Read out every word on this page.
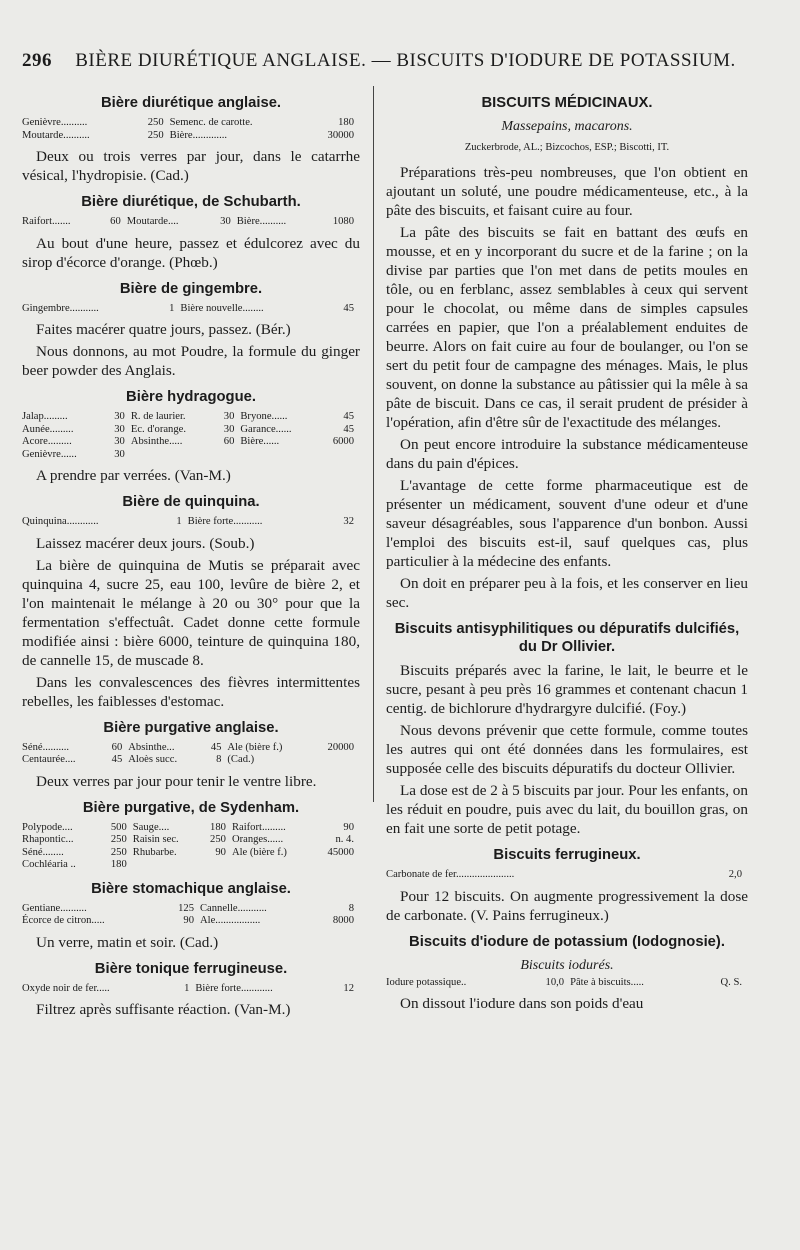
296 BIÈRE DIURÉTIQUE ANGLAISE. — BISCUITS D'IODURE DE POTASSIUM.
Bière diurétique anglaise.
Genièvre..........	250	Semenc. de carotte.	180
Moutarde..........	250	Bière.............	30000

Deux ou trois verres par jour, dans le catarrhe vésical, l'hydropisie. (Cad.)

Bière diurétique, de Schubarth.
Raifort.......	60	Moutarde....	30	Bière..........	1080

Au bout d'une heure, passez et édulcorez avec du sirop d'écorce d'orange. (Phœb.)

Bière de gingembre.
Gingembre...........	1	Bière nouvelle........	45

Faites macérer quatre jours, passez. (Bér.)

Nous donnons, au mot Poudre, la formule du ginger beer powder des Anglais.

Bière hydragogue.
Jalap.........	30	R. de laurier.	30	Bryone......	45
Aunée.........	30	Ec. d'orange.	30	Garance......	45
Acore.........	30	Absinthe.....	60	Bière......	6000
Genièvre......	30				

A prendre par verrées. (Van-M.)

Bière de quinquina.
Quinquina............	1	Bière forte...........	32

Laissez macérer deux jours. (Soub.)

La bière de quinquina de Mutis se préparait avec quinquina 4, sucre 25, eau 100, levûre de bière 2, et l'on maintenait le mélange à 20 ou 30° pour que la fermentation s'effectuât. Cadet donne cette formule modifiée ainsi : bière 6000, teinture de quinquina 180, de cannelle 15, de muscade 8.

Dans les convalescences des fièvres intermittentes rebelles, les faiblesses d'estomac.

Bière purgative anglaise.
Séné..........	60	Absinthe...	45	Ale (bière f.)	20000
Centaurée....	45	Aloès succ.	8	(Cad.)	

Deux verres par jour pour tenir le ventre libre.

Bière purgative, de Sydenham.
Polypode....	500	Sauge....	180	Raifort.........	90
Rhapontic...	250	Raisin sec.	250	Oranges......	n. 4.
Séné........	250	Rhubarbe.	90	Ale (bière f.)	45000
Cochléaria ..	180				
Bière stomachique anglaise.
Gentiane..........	125	Cannelle...........	8
Écorce de citron.....	90	Ale.................	8000

Un verre, matin et soir. (Cad.)

Bière tonique ferrugineuse.
Oxyde noir de fer.....	1	Bière forte............	12

Filtrez après suffisante réaction. (Van-M.)

BISCUITS MÉDICINAUX.
Massepains, macarons.
Zuckerbrode, AL.; Bizcochos, ESP.; Biscotti, IT.

Préparations très-peu nombreuses, que l'on obtient en ajoutant un soluté, une poudre médicamenteuse, etc., à la pâte des biscuits, et faisant cuire au four.

La pâte des biscuits se fait en battant des œufs en mousse, et en y incorporant du sucre et de la farine ; on la divise par parties que l'on met dans de petits moules en tôle, ou en ferblanc, assez semblables à ceux qui servent pour le chocolat, ou même dans de simples capsules carrées en papier, que l'on a préalablement enduites de beurre. Alors on fait cuire au four de boulanger, ou l'on se sert du petit four de campagne des ménages. Mais, le plus souvent, on donne la substance au pâtissier qui la mêle à sa pâte de biscuit. Dans ce cas, il serait prudent de présider à l'opération, afin d'être sûr de l'exactitude des mélanges.

On peut encore introduire la substance médicamenteuse dans du pain d'épices.

L'avantage de cette forme pharmaceutique est de présenter un médicament, souvent d'une odeur et d'une saveur désagréables, sous l'apparence d'un bonbon. Aussi l'emploi des biscuits est-il, sauf quelques cas, plus particulier à la médecine des enfants.

On doit en préparer peu à la fois, et les conserver en lieu sec.

Biscuits antisyphilitiques ou dépuratifs dulcifiés, du Dr Ollivier.

Biscuits préparés avec la farine, le lait, le beurre et le sucre, pesant à peu près 16 grammes et contenant chacun 1 centig. de bichlorure d'hydrargyre dulcifié. (Foy.)

Nous devons prévenir que cette formule, comme toutes les autres qui ont été données dans les formulaires, est supposée celle des biscuits dépuratifs du docteur Ollivier.

La dose est de 2 à 5 biscuits par jour. Pour les enfants, on les réduit en poudre, puis avec du lait, du bouillon gras, on en fait une sorte de petit potage.

Biscuits ferrugineux.
Carbonate de fer......................	2,0

Pour 12 biscuits. On augmente progressivement la dose de carbonate. (V. Pains ferrugineux.)

Biscuits d'iodure de potassium (Iodognosie).
Biscuits iodurés.
Iodure potassique..	10,0	Pâte à biscuits.....	Q. S.

On dissout l'iodure dans son poids d'eau
